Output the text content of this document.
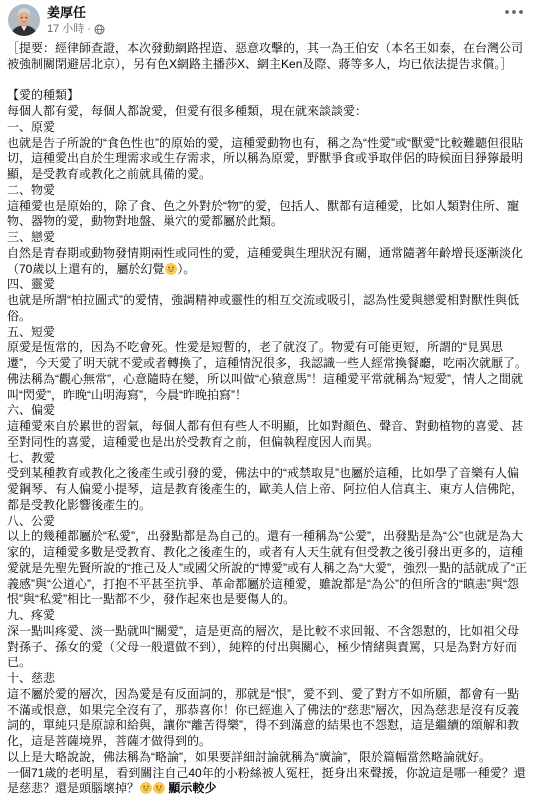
姜厚任
17 小時 ·
［提要：經律師查證，本次發動網路捏造、惡意攻擊的，其一為王伯安（本名王如泰，在台灣公司
被強制關閉避居北京），另有色X網路主播莎X、網主Ken及際、蔣等多人，均已依法提告求償。］
【愛的種類】
每個人都有愛，每個人都說愛，但愛有很多種類，現在就來談談愛：
一、原愛
也就是告子所說的“食色性也”的原始的愛，這種愛動物也有，稱之為“性愛”或“獸愛”比較難聽但很貼
切，這種愛出自於生理需求或生存需求，所以稱為原愛，野獸爭食或爭取伴侶的時候面目猙獰最明
顯，是受教育或教化之前就具備的愛。
二、物愛
這種愛也是原始的，除了食、色之外對於“物”的愛，包括人、獸都有這種愛，比如人類對住所、寵
物、器物的愛，動物對地盤、巢穴的愛都屬於此類。
三、戀愛
自然是青春期或動物發情期兩性或同性的愛，這種愛與生理狀況有關，通常隨著年齡增長逐漸淡化
（70歲以上還有的，屬於幻覺 ）。
四、靈愛
也就是所謂“柏拉圖式”的愛情，強調精神或靈性的相互交流或吸引，認為性愛與戀愛相對獸性與低
俗。
五、短愛
原愛是恆常的，因為不吃會死。性愛是短暫的，老了就沒了。物愛有可能更短，所謂的“見異思
遷”，今天愛了明天就不愛或者轉換了，這種情況很多，我認識一些人經常換餐廳，吃兩次就厭了。
佛法稱為“觀心無常”，心意隨時在變，所以叫做“心猿意馬”！這種愛平常就稱為“短愛”，情人之間就
叫“閃愛”，昨晚“山明海寫”，今晨“昨晚拍寫”！
六、偏愛
這種愛來自於累世的習氣，每個人都有但有些人不明顯，比如對顏色、聲音、對動植物的喜愛、甚
至對同性的喜愛，這種愛也是出於受教育之前，但偏執程度因人而異。
七、教愛
受到某種教育或教化之後產生或引發的愛，佛法中的“戒禁取見”也屬於這種，比如學了音樂有人偏
愛鋼琴、有人偏愛小提琴，這是教育後產生的，歐美人信上帝、阿拉伯人信真主、東方人信佛陀，
都是受教化影響後產生的。
八、公愛
以上的幾種都屬於“私愛”，出發點都是為自己的。還有一種稱為“公愛”，出發點是為“公”也就是為大
家的，這種愛多數是受教育、教化之後產生的，或者有人天生就有但受教之後引發出更多的，這種
愛就是先聖先賢所說的“推己及人”或國父所說的“博愛”或有人稱之為“大愛”，強烈一點的話就成了“正
義感”與“公道心”，打抱不平甚至抗爭、革命都屬於這種愛，雖說都是“為公”的但所含的“瞋恚”與“怨
恨”與“私愛”相比一點都不少，發作起來也是要傷人的。
九、疼愛
深一點叫疼愛、淡一點就叫“關愛”，這是更高的層次，是比較不求回報、不含怨懟的，比如祖父母
對孫子、孫女的愛（父母一般還做不到），純粹的付出與關心，極少情緒與責罵，只是為對方好而
已。
十、慈悲
這不屬於愛的層次，因為愛是有反面詞的，那就是“恨”，愛不到、愛了對方不如所願，都會有一點
不滿或恨意，如果完全沒有了，那恭喜你！你已經進入了佛法的“慈悲”層次，因為慈悲是沒有反義
詞的，單純只是原諒和給與，讓你“離苦得樂”，得不到滿意的結果也不怨懟，這是繼續的頌解和教
化，這是菩薩境界，菩薩才做得到的。
以上是大略說說，佛法稱為“略論”，如果要詳細討論就稱為“廣論”，限於篇幅當然略論就好。
一個71歲的老明星，看到關注自己40年的小粉絲被人冤枉，挺身出來聲援，你說這是哪一種愛？還
是慈悲？還是頭腦壞掉？ 顯示較少
